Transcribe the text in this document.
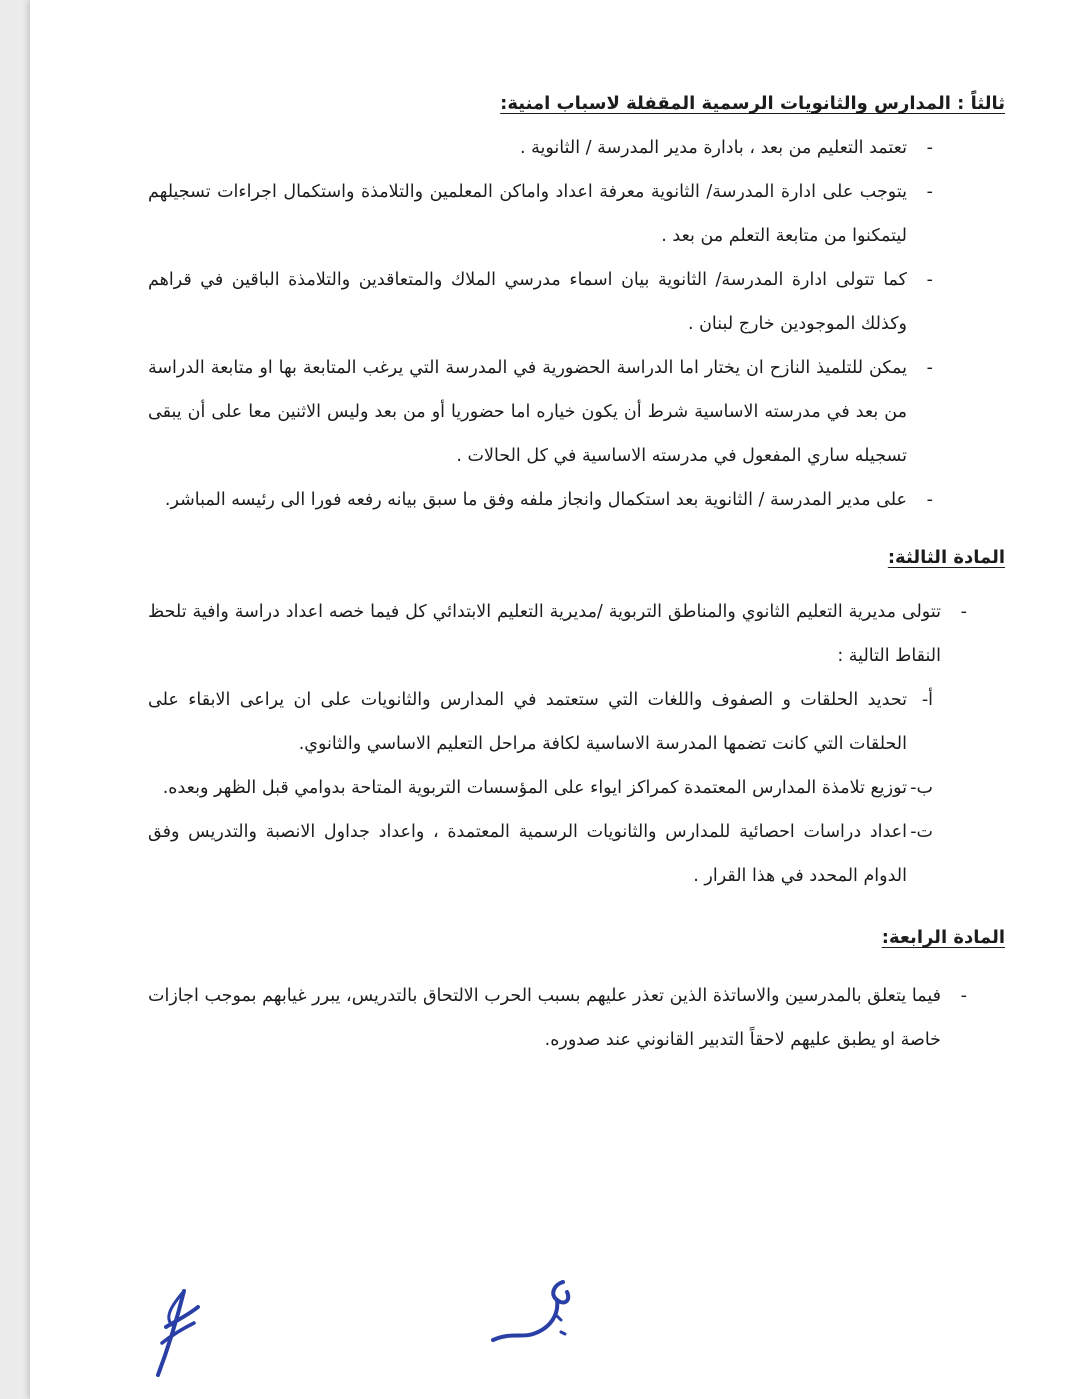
ثالثاً : المدارس والثانويات الرسمية المقفلة لاسباب امنية:
- تعتمد التعليم من بعد ، بادارة مدير المدرسة / الثانوية .
- يتوجب على ادارة المدرسة/ الثانوية معرفة اعداد واماكن المعلمين والتلامذة واستكمال اجراءات تسجيلهم ليتمكنوا من متابعة التعلم من بعد .
- كما تتولى ادارة المدرسة/ الثانوية بيان اسماء مدرسي الملاك والمتعاقدين والتلامذة الباقين في قراهم وكذلك الموجودين خارج لبنان .
- يمكن للتلميذ النازح ان يختار اما الدراسة الحضورية في المدرسة التي يرغب المتابعة بها او متابعة الدراسة من بعد في مدرسته الاساسية شرط أن يكون خياره اما حضوريا أو من بعد وليس الاثنين معا على أن يبقى تسجيله ساري المفعول في مدرسته الاساسية في كل الحالات .
- على مدير المدرسة / الثانوية بعد استكمال وانجاز ملفه وفق ما سبق بيانه رفعه فورا الى رئيسه المباشر.
المادة الثالثة:
- تتولى مديرية التعليم الثانوي والمناطق التربوية /مديرية التعليم الابتدائي كل فيما خصه اعداد دراسة وافية تلحظ النقاط التالية :
أ-
تحديد الحلقات و الصفوف واللغات التي ستعتمد في المدارس والثانويات على ان يراعى الابقاء على الحلقات التي كانت تضمها المدرسة الاساسية لكافة مراحل التعليم الاساسي والثانوي.
ب-
توزيع تلامذة المدارس المعتمدة كمراكز ايواء على المؤسسات التربوية المتاحة بدوامي قبل الظهر وبعده.
ت-
اعداد دراسات احصائية للمدارس والثانويات الرسمية المعتمدة ، واعداد جداول الانصبة والتدريس وفق الدوام المحدد في هذا القرار .
المادة الرابعة:
- فيما يتعلق بالمدرسين والاساتذة الذين تعذر عليهم بسبب الحرب الالتحاق بالتدريس، يبرر غيابهم بموجب اجازات خاصة او يطبق عليهم لاحقاً التدبير القانوني عند صدوره.
